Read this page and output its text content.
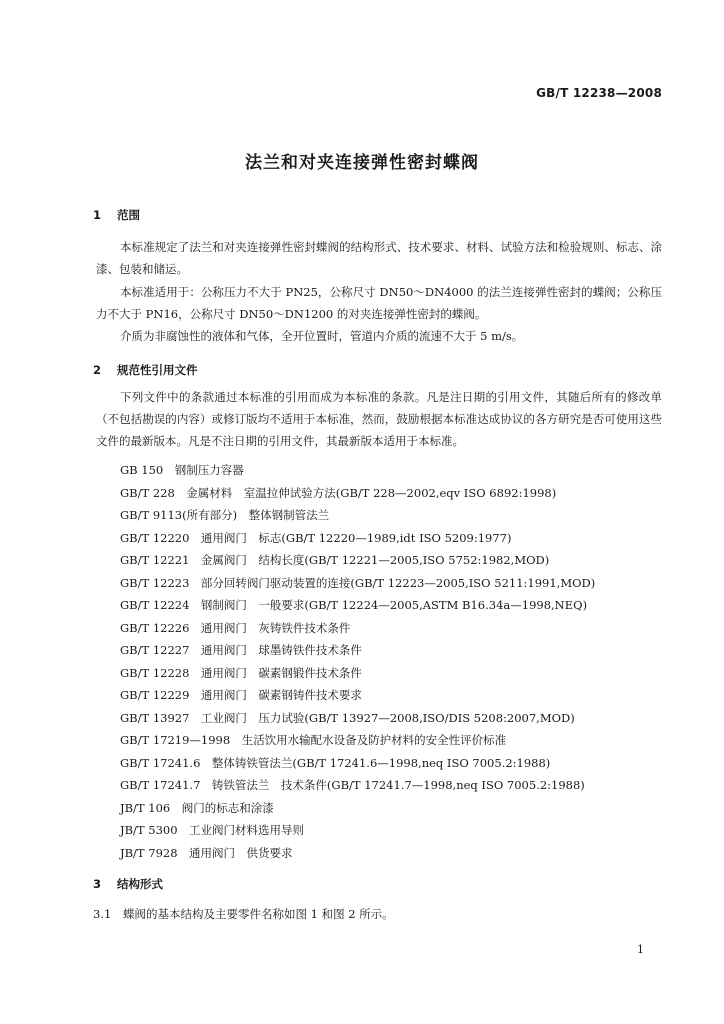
GB/T 12238—2008
法兰和对夹连接弹性密封蝶阀
1 范围

本标准规定了法兰和对夹连接弹性密封蝶阀的结构形式、技术要求、材料、试验方法和检验规则、标志、涂漆、包装和储运。

本标准适用于：公称压力不大于 PN25，公称尺寸 DN50～DN4000 的法兰连接弹性密封的蝶阀；公称压力不大于 PN16，公称尺寸 DN50～DN1200 的对夹连接弹性密封的蝶阀。

介质为非腐蚀性的液体和气体，全开位置时，管道内介质的流速不大于 5 m/s。

2 规范性引用文件

下列文件中的条款通过本标准的引用而成为本标准的条款。凡是注日期的引用文件，其随后所有的修改单（不包括勘误的内容）或修订版均不适用于本标准，然而，鼓励根据本标准达成协议的各方研究是否可使用这些文件的最新版本。凡是不注日期的引用文件，其最新版本适用于本标准。

GB 150　钢制压力容器
GB/T 228　金属材料　室温拉伸试验方法(GB/T 228—2002,eqv ISO 6892:1998)
GB/T 9113(所有部分)　整体钢制管法兰
GB/T 12220　通用阀门　标志(GB/T 12220—1989,idt ISO 5209:1977)
GB/T 12221　金属阀门　结构长度(GB/T 12221—2005,ISO 5752:1982,MOD)
GB/T 12223　部分回转阀门驱动装置的连接(GB/T 12223—2005,ISO 5211:1991,MOD)
GB/T 12224　钢制阀门　一般要求(GB/T 12224—2005,ASTM B16.34a—1998,NEQ)
GB/T 12226　通用阀门　灰铸铁件技术条件
GB/T 12227　通用阀门　球墨铸铁件技术条件
GB/T 12228　通用阀门　碳素钢锻件技术条件
GB/T 12229　通用阀门　碳素钢铸件技术要求
GB/T 13927　工业阀门　压力试验(GB/T 13927—2008,ISO/DIS 5208:2007,MOD)
GB/T 17219—1998　生活饮用水输配水设备及防护材料的安全性评价标准
GB/T 17241.6　整体铸铁管法兰(GB/T 17241.6—1998,neq ISO 7005.2:1988)
GB/T 17241.7　铸铁管法兰　技术条件(GB/T 17241.7—1998,neq ISO 7005.2:1988)
JB/T 106　阀门的标志和涂漆
JB/T 5300　工业阀门材料选用导则
JB/T 7928　通用阀门　供货要求
3 结构形式
3.1 蝶阀的基本结构及主要零件名称如图 1 和图 2 所示。
1
